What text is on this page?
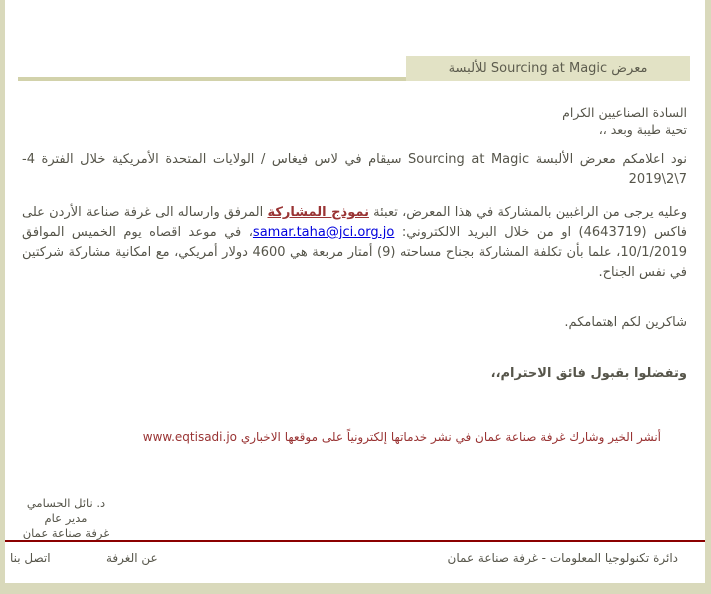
معرض Sourcing at Magic للألبسة
السادة الصناعيين الكرام
تحية طيبة وبعد ،،
نود اعلامكم معرض الألبسة Sourcing at Magic سيقام في لاس فيغاس / الولايات المتحدة الأمريكية خلال الفترة 4-7\2\2019
وعليه يرجى من الراغبين بالمشاركة في هذا المعرض، تعبئة نموذج المشاركة المرفق وارساله الى غرفة صناعة الأردن على فاكس (4643719) او من خلال البريد الالكتروني: samar.taha@jci.org.jo، في موعد اقصاه يوم الخميس الموافق 10/1/2019، علما بأن تكلفة المشاركة بجناح مساحته (9) أمتار مربعة هي 4600 دولار أمريكي، مع امكانية مشاركة شركتين في نفس الجناح.
شاكرين لكم اهتمامكم.
وتفضلوا بقبول فائق الاحترام،،
أنشر الخير وشارك غرفة صناعة عمان في نشر خدماتها إلكترونياً على موقعها الاخباري www.eqtisadi.jo
د. نائل الحسامي
مدير عام
غرفة صناعة عمان
اتصل بنا	عن الغرفة	دائرة تكنولوجيا المعلومات - غرفة صناعة عمان
